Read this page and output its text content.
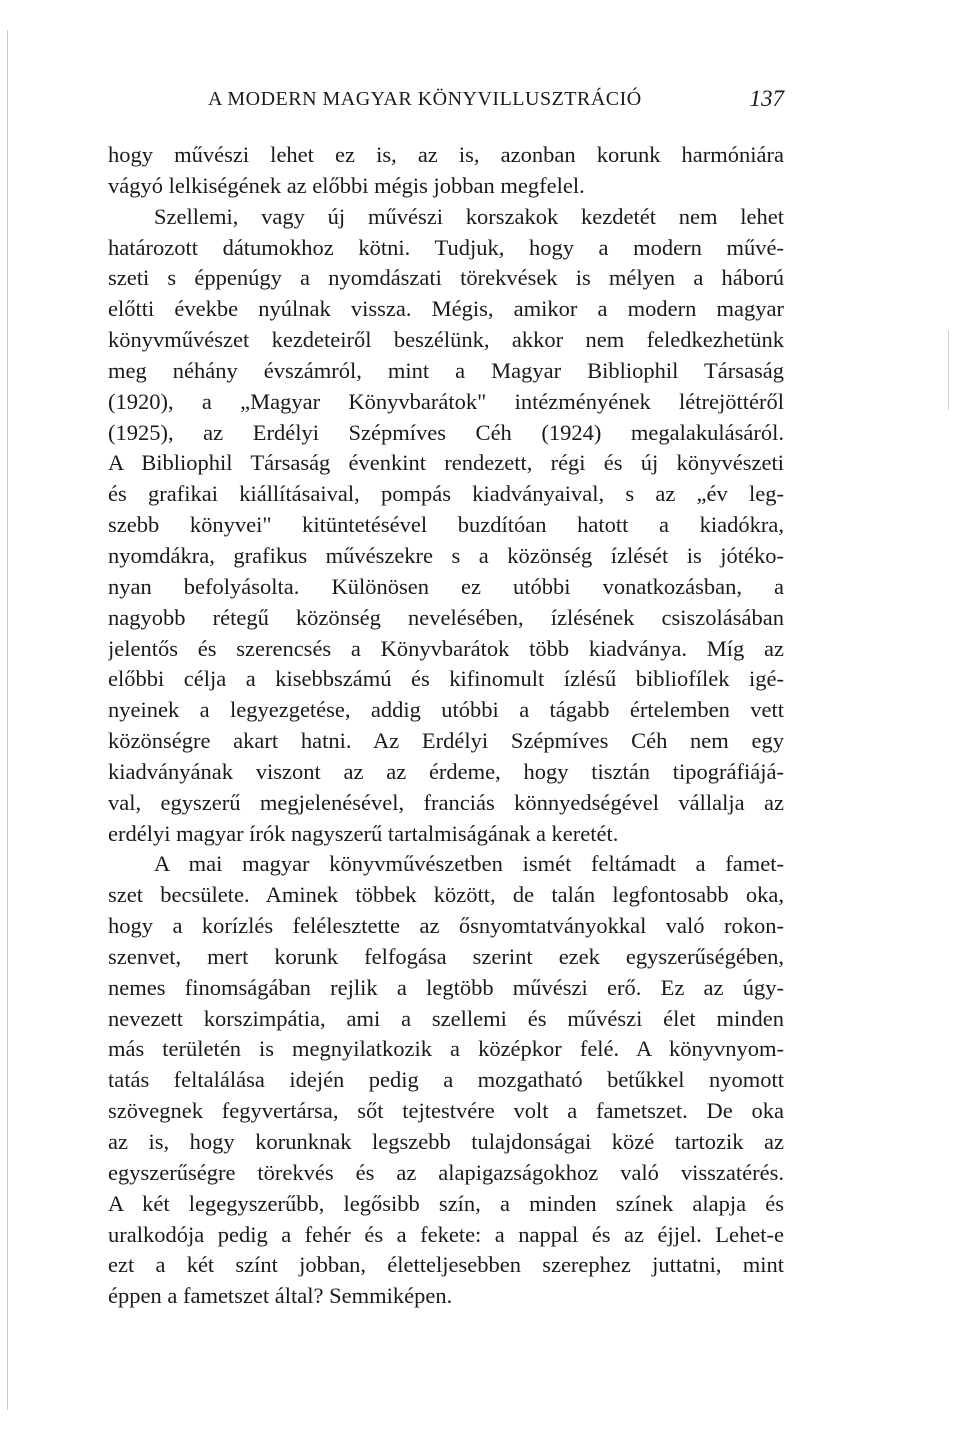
A MODERN MAGYAR KÖNYVILLUSZTRÁCIÓ	137
hogy művészi lehet ez is, az is, azonban korunk harmóniára
vágyó lelkiségének az előbbi mégis jobban megfelel.
Szellemi, vagy új művészi korszakok kezdetét nem lehet
határozott dátumokhoz kötni. Tudjuk, hogy a modern művé-
szeti s éppenúgy a nyomdászati törekvések is mélyen a háború
előtti évekbe nyúlnak vissza. Mégis, amikor a modern magyar
könyvművészet kezdeteiről beszélünk, akkor nem feledkezhetünk
meg néhány évszámról, mint a Magyar Bibliophil Társaság
(1920), a „Magyar Könyvbarátok" intézményének létrejöttéről
(1925), az Erdélyi Szépmíves Céh (1924) megalakulásáról.
A Bibliophil Társaság évenkint rendezett, régi és új könyvészeti
és grafikai kiállításaival, pompás kiadványaival, s az „év leg-
szebb könyvei" kitüntetésével buzdítóan hatott a kiadókra,
nyomdákra, grafikus művészekre s a közönség ízlését is jótéko-
nyan befolyásolta. Különösen ez utóbbi vonatkozásban, a
nagyobb rétegű közönség nevelésében, ízlésének csiszolásában
jelentős és szerencsés a Könyvbarátok több kiadványa. Míg az
előbbi célja a kisebbszámú és kifinomult ízlésű bibliofílek igé-
nyeinek a legyezgetése, addig utóbbi a tágabb értelemben vett
közönségre akart hatni. Az Erdélyi Szépmíves Céh nem egy
kiadványának viszont az az érdeme, hogy tisztán tipográfiájá-
val, egyszerű megjelenésével, franciás könnyedségével vállalja az
erdélyi magyar írók nagyszerű tartalmiságának a keretét.
A mai magyar könyvművészetben ismét feltámadt a famet-
szet becsülete. Aminek többek között, de talán legfontosabb oka,
hogy a korízlés felélesztette az ősnyomtatványokkal való rokon-
szenvet, mert korunk felfogása szerint ezek egyszerűségében,
nemes finomságában rejlik a legtöbb művészi erő. Ez az úgy-
nevezett korszimpátia, ami a szellemi és művészi élet minden
más területén is megnyilatkozik a középkor felé. A könyvnyom-
tatás feltalálása idején pedig a mozgatható betűkkel nyomott
szövegnek fegyvertársa, sőt tejtestvére volt a fametszet. De oka
az is, hogy korunknak legszebb tulajdonságai közé tartozik az
egyszerűségre törekvés és az alapigazságokhoz való visszatérés.
A két legegyszerűbb, legősibb szín, a minden színek alapja és
uralkodója pedig a fehér és a fekete: a nappal és az éjjel. Lehet-e
ezt a két színt jobban, életteljesebben szerephez juttatni, mint
éppen a fametszet által? Semmiképen.
